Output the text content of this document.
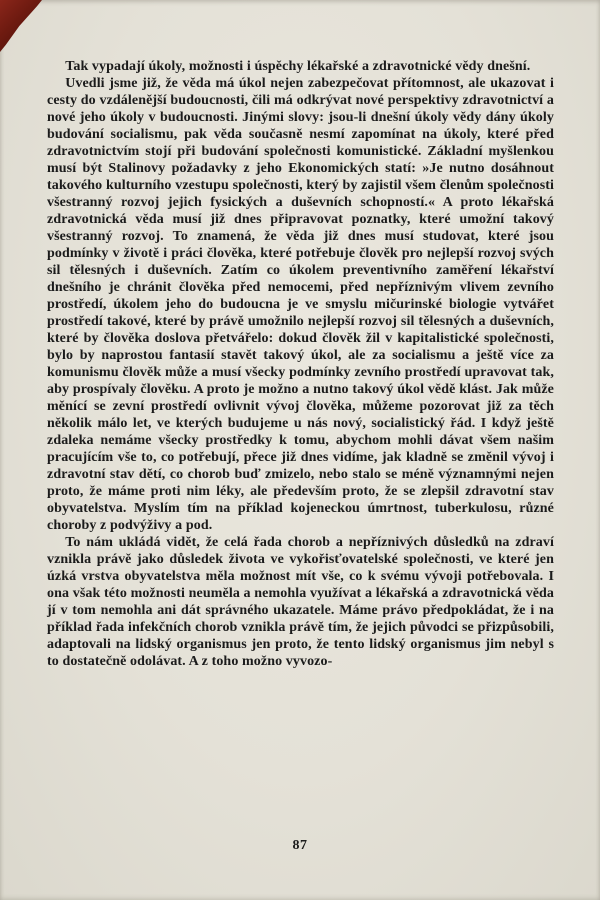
Tak vypadají úkoly, možnosti i úspěchy lékařské a zdravotnické vědy dnešní.

Uvedli jsme již, že věda má úkol nejen zabezpečovat přítomnost, ale ukazovat i cesty do vzdálenější budoucnosti, čili má odkrývat nové perspektivy zdravotnictví a nové jeho úkoly v budoucnosti. Jinými slovy: jsou-li dnešní úkoly vědy dány úkoly budování socialismu, pak věda současně nesmí zapomínat na úkoly, které před zdravotnictvím stojí při budování společnosti komunistické. Základní myšlenkou musí být Stalinovy požadavky z jeho Ekonomických statí: »Je nutno dosáhnout takového kulturního vzestupu společnosti, který by zajistil všem členům společnosti všestranný rozvoj jejich fysických a duševních schopností.« A proto lékařská zdravotnická věda musí již dnes připravovat poznatky, které umožní takový všestranný rozvoj. To znamená, že věda již dnes musí studovat, které jsou podmínky v životě i práci člověka, které potřebuje člověk pro nejlepší rozvoj svých sil tělesných i duševních. Zatím co úkolem preventivního zaměření lékařství dnešního je chránit člověka před nemocemi, před nepříznivým vlivem zevního prostředí, úkolem jeho do budoucna je ve smyslu mičurinské biologie vytvářet prostředí takové, které by právě umožnilo nejlepší rozvoj sil tělesných a duševních, které by člověka doslova přetvářelo: dokud člověk žil v kapitalistické společnosti, bylo by naprostou fantasií stavět takový úkol, ale za socialismu a ještě více za komunismu člověk může a musí všecky podmínky zevního prostředí upravovat tak, aby prospívaly člověku. A proto je možno a nutno takový úkol vědě klást. Jak může měnící se zevní prostředí ovlivnit vývoj člověka, můžeme pozorovat již za těch několik málo let, ve kterých budujeme u nás nový, socialistický řád. I když ještě zdaleka nemáme všecky prostředky k tomu, abychom mohli dávat všem našim pracujícím vše to, co potřebují, přece již dnes vidíme, jak kladně se změnil vývoj i zdravotní stav dětí, co chorob buď zmizelo, nebo stalo se méně významnými nejen proto, že máme proti nim léky, ale především proto, že se zlepšil zdravotní stav obyvatelstva. Myslím tím na příklad kojeneckou úmrtnost, tuberkulosu, různé choroby z podvýživy a pod.

To nám ukládá vidět, že celá řada chorob a nepříznivých důsledků na zdraví vznikla právě jako důsledek života ve vykořisťovatelské společnosti, ve které jen úzká vrstva obyvatelstva měla možnost mít vše, co k svému vývoji potřebovala. I ona však této možnosti neuměla a nemohla využívat a lékařská a zdravotnická věda jí v tom nemohla ani dát správného ukazatele. Máme právo předpokládat, že i na příklad řada infekčních chorob vznikla právě tím, že jejich původci se přizpůsobili, adaptovali na lidský organismus jen proto, že tento lidský organismus jim nebyl s to dostatečně odolávat. A z toho možno vyvozo-

87
